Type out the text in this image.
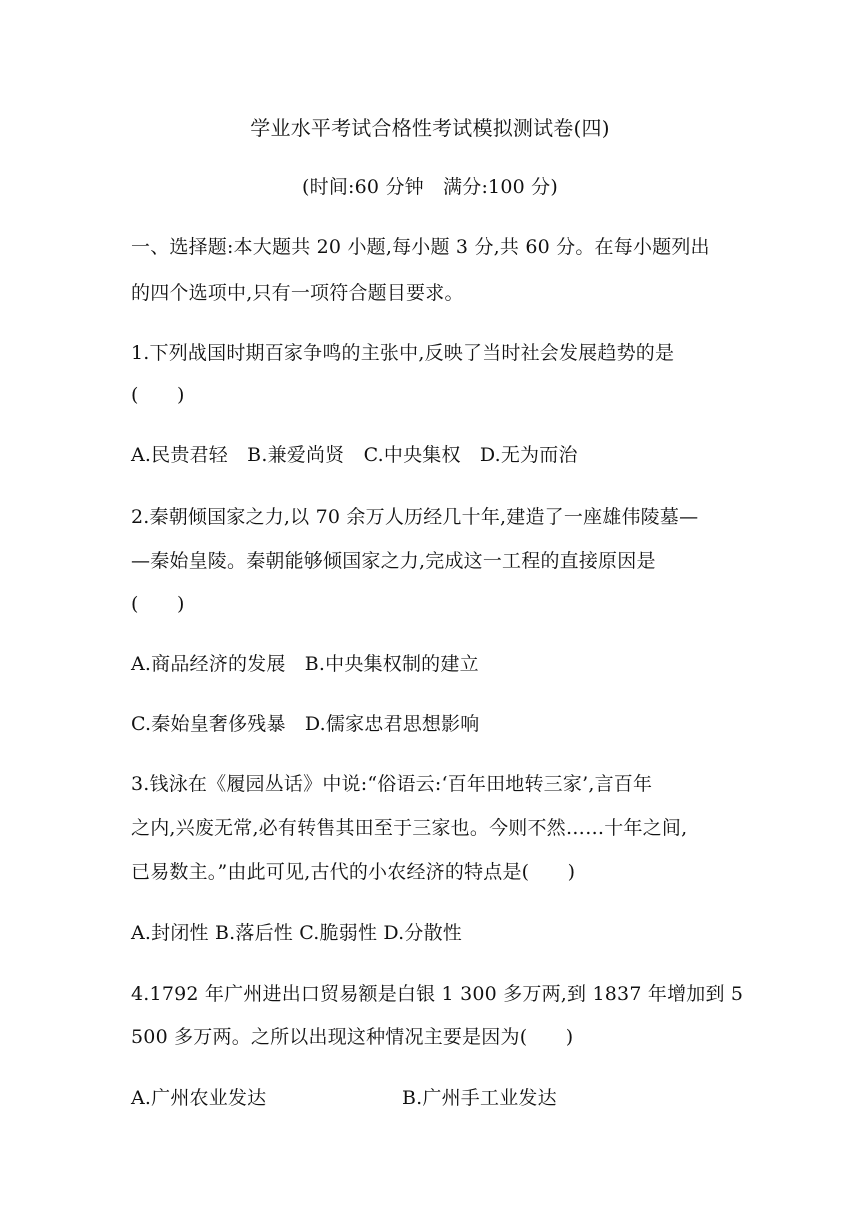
学业水平考试合格性考试模拟测试卷(四)
(时间:60 分钟　满分:100 分)
一、选择题:本大题共 20 小题,每小题 3 分,共 60 分。在每小题列出
的四个选项中,只有一项符合题目要求。
1.下列战国时期百家争鸣的主张中,反映了当时社会发展趋势的是
(　　)
A.民贵君轻　B.兼爱尚贤　C.中央集权　D.无为而治
2.秦朝倾国家之力,以 70 余万人历经几十年,建造了一座雄伟陵墓—
—秦始皇陵。秦朝能够倾国家之力,完成这一工程的直接原因是
(　　)
A.商品经济的发展　B.中央集权制的建立
C.秦始皇奢侈残暴　D.儒家忠君思想影响
3.钱泳在《履园丛话》中说:“俗语云:‘百年田地转三家’,言百年
之内,兴废无常,必有转售其田至于三家也。今则不然……十年之间,
已易数主。”由此可见,古代的小农经济的特点是(　　)
A.封闭性 B.落后性 C.脆弱性 D.分散性
4.1792 年广州进出口贸易额是白银 1 300 多万两,到 1837 年增加到 5
500 多万两。之所以出现这种情况主要是因为(　　)
A.广州农业发达	B.广州手工业发达
